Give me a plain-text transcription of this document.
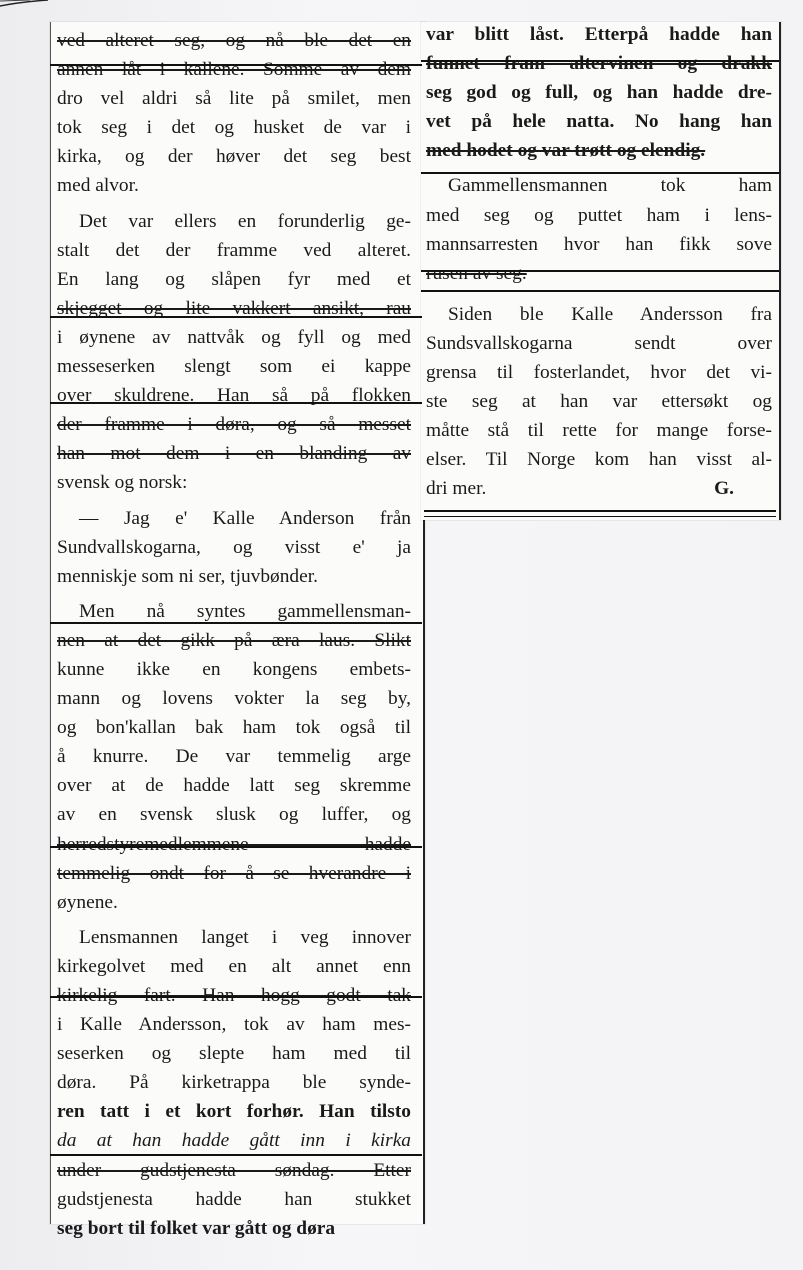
ved alteret seg, og nå ble det en
annen låt i kallene. Somme av dem
dro vel aldri så lite på smilet, men
tok seg i det og husket de var i
kirka, og der høver det seg best
med alvor.
Det var ellers en forunderlig ge-
stalt det der framme ved alteret.
En lang og slåpen fyr med et
skjegget og lite vakkert ansikt, rau
i øynene av nattvåk og fyll og med
messeserken slengt som ei kappe
over skuldrene. Han så på flokken
der framme i døra, og så messet
han mot dem i en blanding av
svensk og norsk:
— Jag e' Kalle Anderson från
Sundvallskogarna, og visst e' ja
menniskje som ni ser, tjuvbønder.
Men nå syntes gammellensman-
nen at det gikk på æra laus. Slikt
kunne ikke en kongens embets-
mann og lovens vokter la seg by,
og bon'kallan bak ham tok også til
å knurre. De var temmelig arge
over at de hadde latt seg skremme
av en svensk slusk og luffer, og
herredstyremedlemmene hadde
temmelig ondt for å se hverandre i
øynene.
Lensmannen langet i veg innover
kirkegolvet med en alt annet enn
kirkelig fart. Han hogg godt tak
i Kalle Andersson, tok av ham mes-
seserken og slepte ham med til
døra. På kirketrappa ble synde-
ren tatt i et kort forhør. Han tilsto
da at han hadde gått inn i kirka
under gudstjenesta søndag. Etter
gudstjenesta hadde han stukket
seg bort til folket var gått og døra
var blitt låst. Etterpå hadde han
funnet fram altervinen og drakk
seg god og full, og han hadde dre-
vet på hele natta. No hang han
med hodet og var trøtt og elendig.
Gammellensmannen tok ham
med seg og puttet ham i lens-
mannsarresten hvor han fikk sove
rusen av seg.
Siden ble Kalle Andersson fra
Sundsvallskogarna sendt over
grensa til fosterlandet, hvor det vi-
ste seg at han var ettersøkt og
måtte stå til rette for mange forse-
elser. Til Norge kom han visst al-
dri mer.	G.
